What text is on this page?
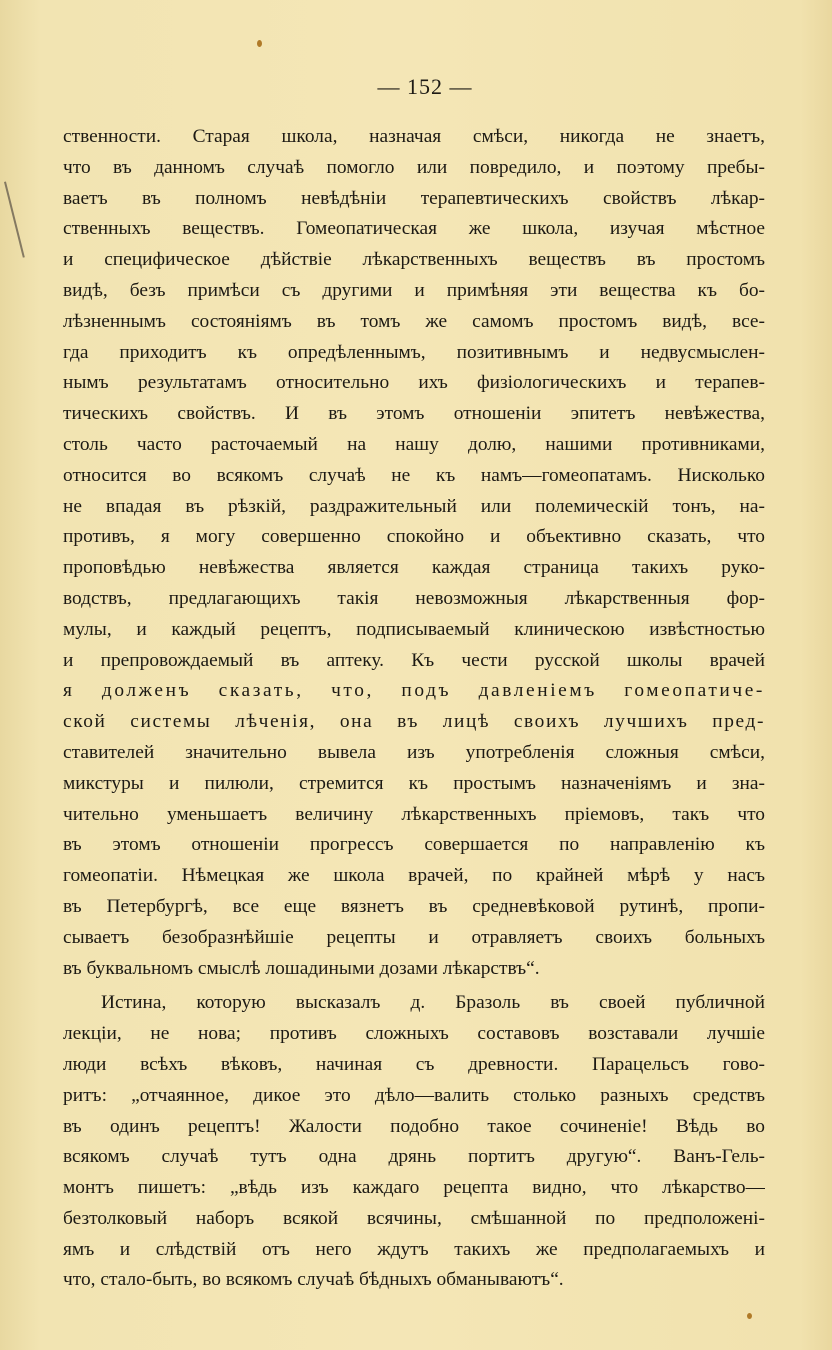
— 152 —
ственности. Старая школа, назначая смѣси, никогда не знаетъ,
что въ данномъ случаѣ помогло или повредило, и поэтому пребы-
ваетъ въ полномъ невѣдѣніи терапевтическихъ свойствъ лѣкар-
ственныхъ веществъ. Гомеопатическая же школа, изучая мѣстное
и специфическое дѣйствіе лѣкарственныхъ веществъ въ простомъ
видѣ, безъ примѣси съ другими и примѣняя эти вещества къ бо-
лѣзненнымъ состояніямъ въ томъ же самомъ простомъ видѣ, все-
гда приходитъ къ опредѣленнымъ, позитивнымъ и недвусмыслен-
нымъ результатамъ относительно ихъ физіологическихъ и терапев-
тическихъ свойствъ. И въ этомъ отношеніи эпитетъ невѣжества,
столь часто расточаемый на нашу долю, нашими противниками,
относится во всякомъ случаѣ не къ намъ—гомеопатамъ. Нисколько
не впадая въ рѣзкій, раздражительный или полемическій тонъ, на-
противъ, я могу совершенно спокойно и объективно сказать, что
проповѣдью невѣжества является каждая страница такихъ руко-
водствъ, предлагающихъ такія невозможныя лѣкарственныя фор-
мулы, и каждый рецептъ, подписываемый клиническою извѣстностью
и препровождаемый въ аптеку. Къ чести русской школы врачей
я долженъ сказать, что, подъ давленіемъ гомеопатиче-
ской системы лѣченія, она въ лицѣ своихъ лучшихъ пред-
ставителей значительно вывела изъ употребленія сложныя смѣси,
микстуры и пилюли, стремится къ простымъ назначеніямъ и зна-
чительно уменьшаетъ величину лѣкарственныхъ пріемовъ, такъ что
въ этомъ отношеніи прогрессъ совершается по направленію къ
гомеопатіи. Нѣмецкая же школа врачей, по крайней мѣрѣ у насъ
въ Петербургѣ, все еще вязнетъ въ средневѣковой рутинѣ, пропи-
сываетъ безобразнѣйшіе рецепты и отравляетъ своихъ больныхъ
въ буквальномъ смыслѣ лошадиными дозами лѣкарствъ“.
Истина, которую высказалъ д. Бразоль въ своей публичной
лекціи, не нова; противъ сложныхъ составовъ возставали лучшіе
люди всѣхъ вѣковъ, начиная съ древности. Парацельсъ гово-
ритъ: „отчаянное, дикое это дѣло—валить столько разныхъ средствъ
въ одинъ рецептъ! Жалости подобно такое сочиненіе! Вѣдь во
всякомъ случаѣ тутъ одна дрянь портитъ другую“. Ванъ-Гель-
монтъ пишетъ: „вѣдь изъ каждаго рецепта видно, что лѣкарство—
безтолковый наборъ всякой всячины, смѣшанной по предположені-
ямъ и слѣдствій отъ него ждутъ такихъ же предполагаемыхъ и
что, стало-быть, во всякомъ случаѣ бѣдныхъ обманываютъ“.
